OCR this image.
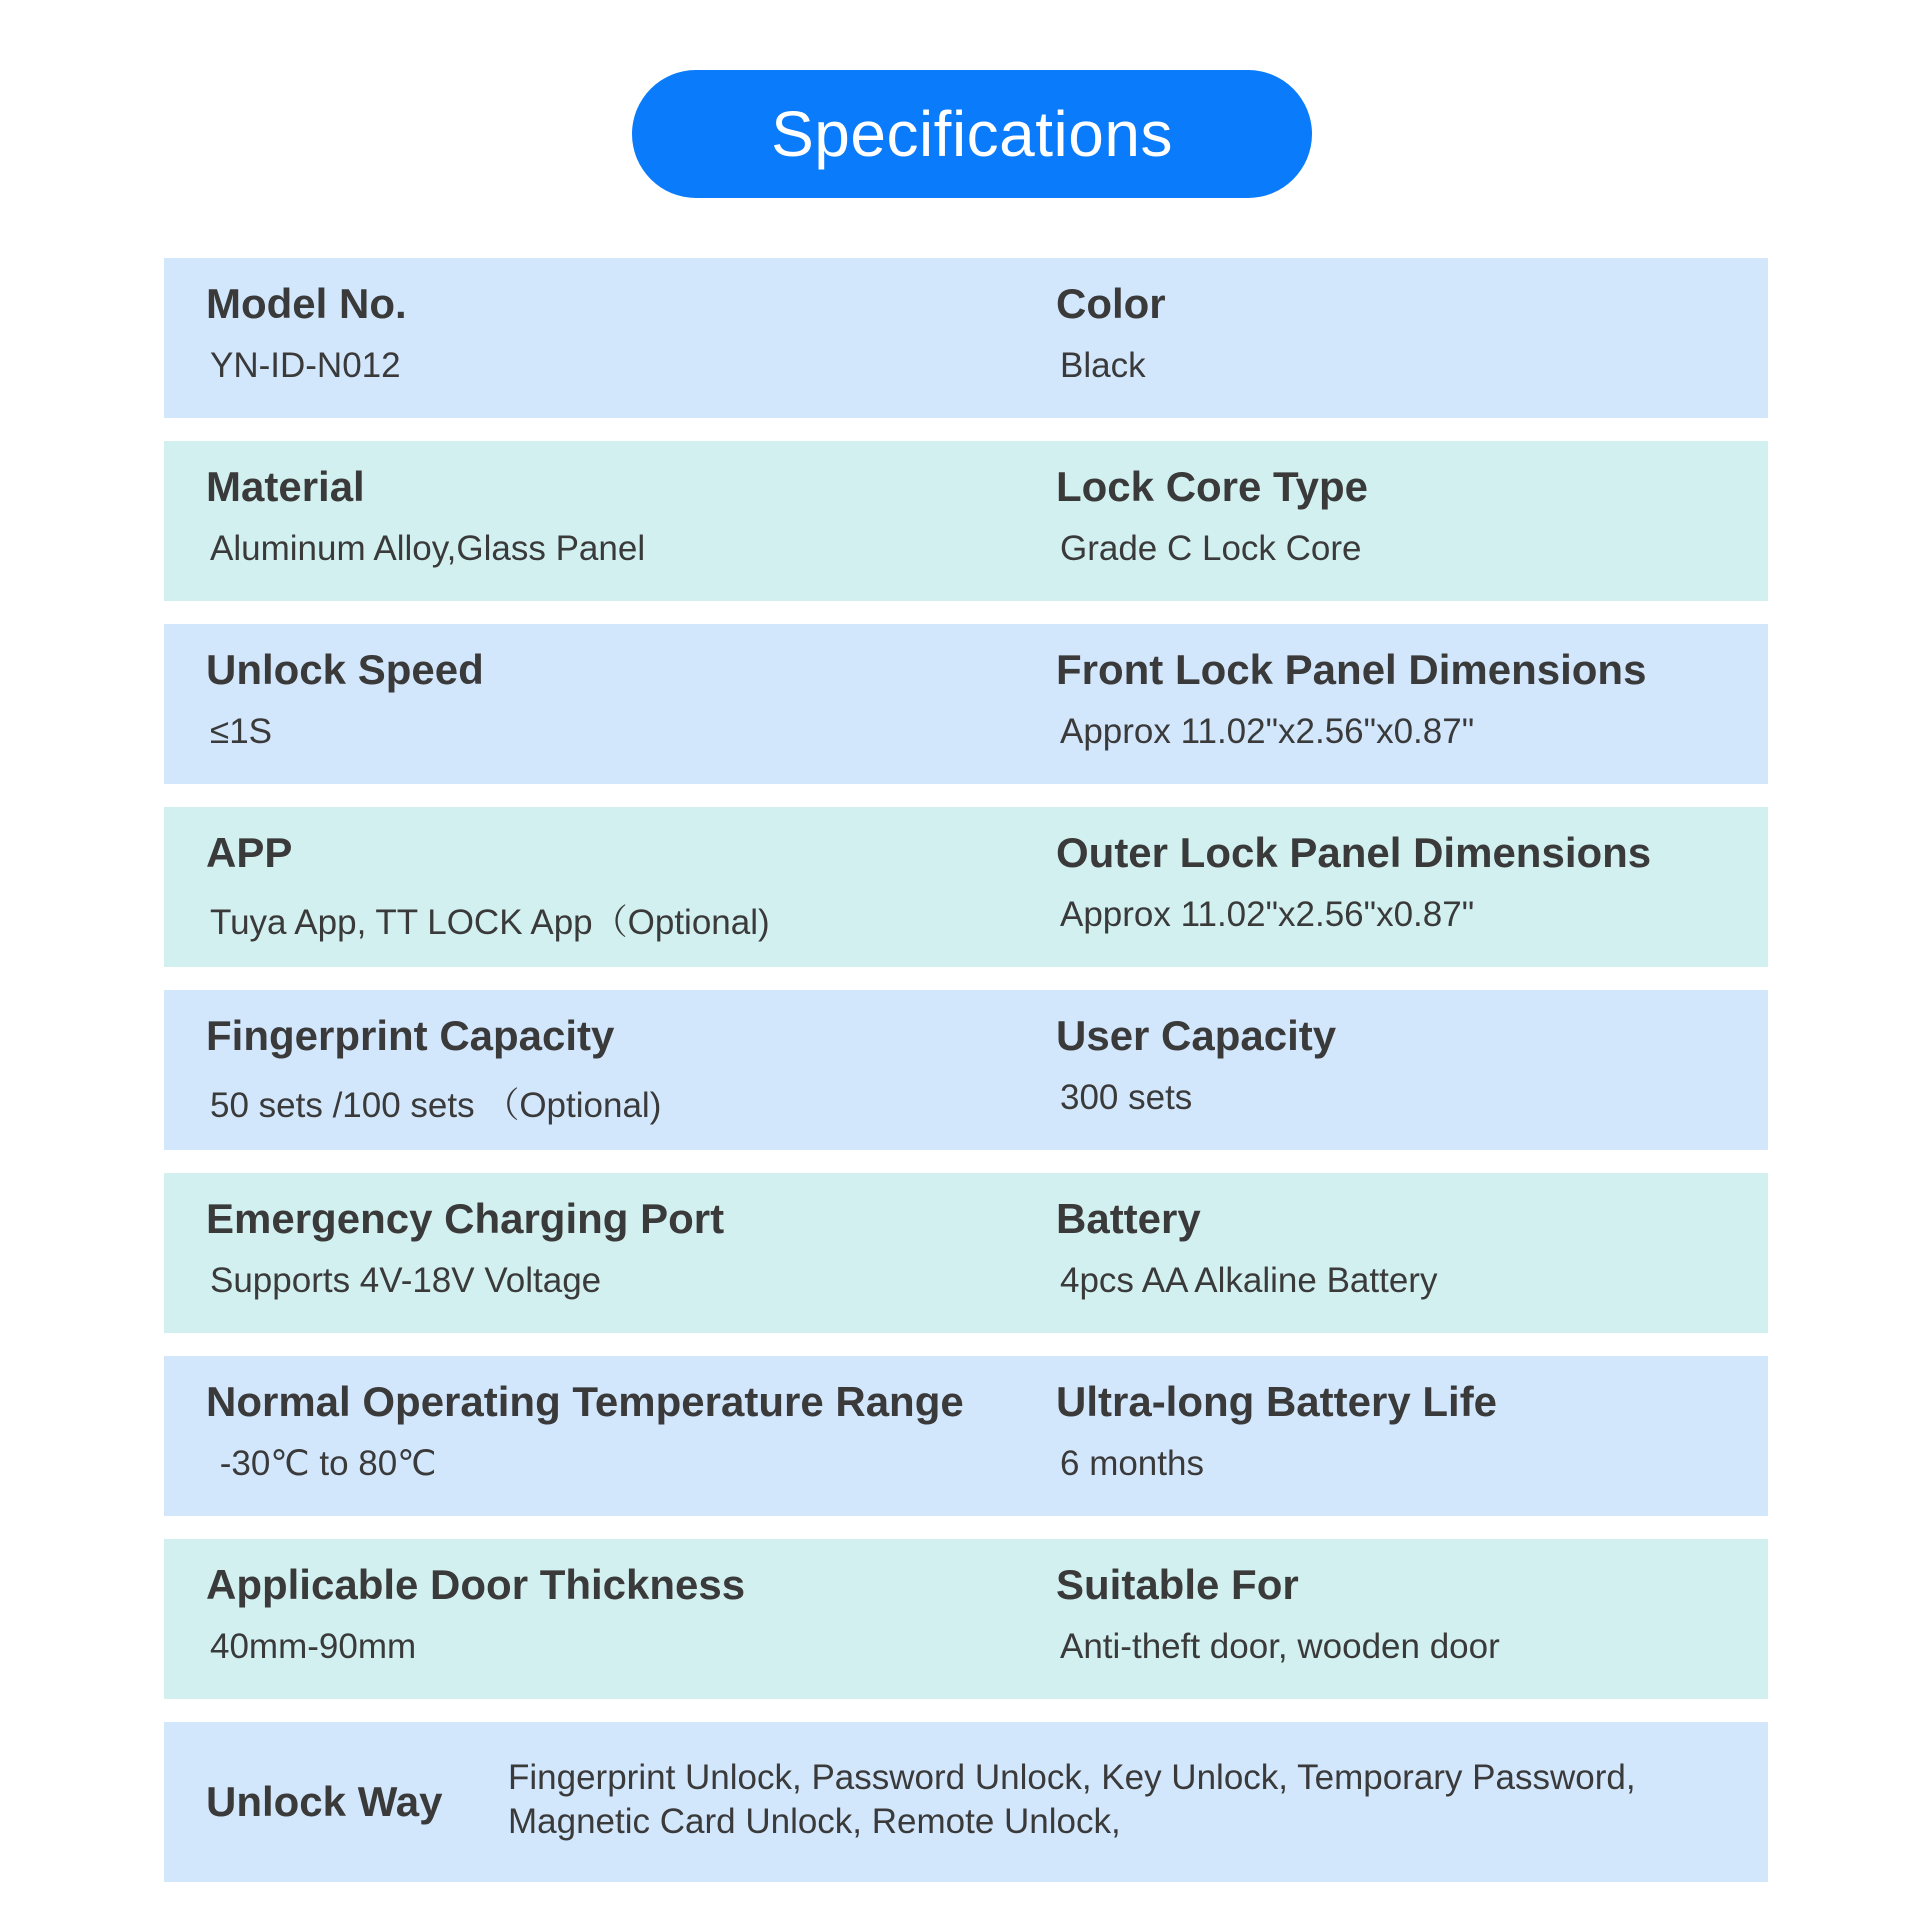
Specifications
Model No.
YN-ID-N012
Color
Black
Material
Aluminum Alloy,Glass Panel
Lock Core Type
Grade C Lock Core
Unlock Speed
≤1S
Front Lock Panel Dimensions
Approx 11.02"x2.56"x0.87"
APP
Tuya App, TT LOCK App（Optional)
Outer Lock Panel Dimensions
Approx 11.02"x2.56"x0.87"
Fingerprint Capacity
50 sets /100 sets （Optional)
User Capacity
300 sets
Emergency Charging Port
Supports 4V-18V Voltage
Battery
4pcs AA Alkaline Battery
Normal Operating Temperature Range
-30℃ to 80℃
Ultra-long Battery Life
6 months
Applicable Door Thickness
40mm-90mm
Suitable For
Anti-theft door, wooden door
Unlock Way
Fingerprint Unlock, Password Unlock, Key Unlock, Temporary Password,
Magnetic Card Unlock, Remote Unlock,
